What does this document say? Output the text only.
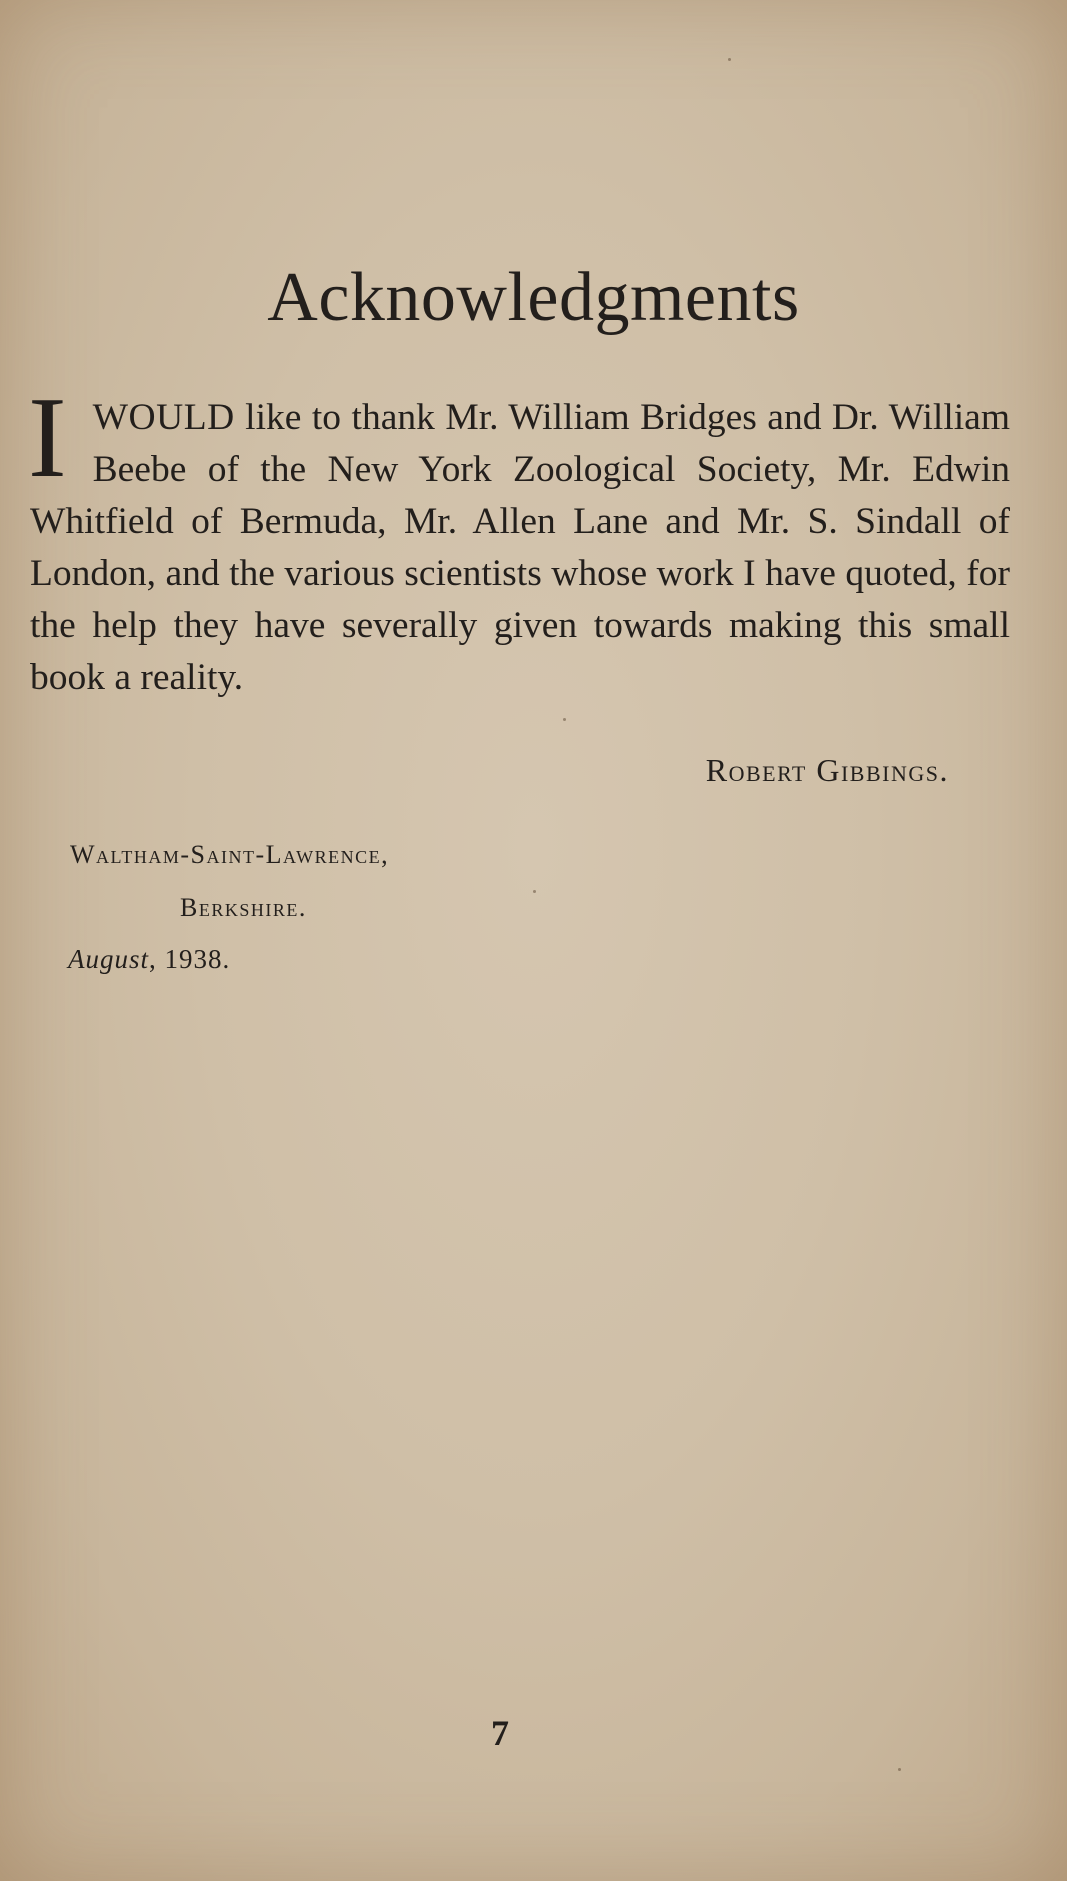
Acknowledgments

IWOULD like to thank Mr. William Bridges and Dr. William Beebe of the New York Zoological Society, Mr. Edwin Whitfield of Bermuda, Mr. Allen Lane and Mr. S. Sindall of London, and the various scientists whose work I have quoted, for the help they have severally given towards making this small book a reality.

Robert Gibbings.
Waltham-Saint-Lawrence,
Berkshire.
August, 1938.
7
